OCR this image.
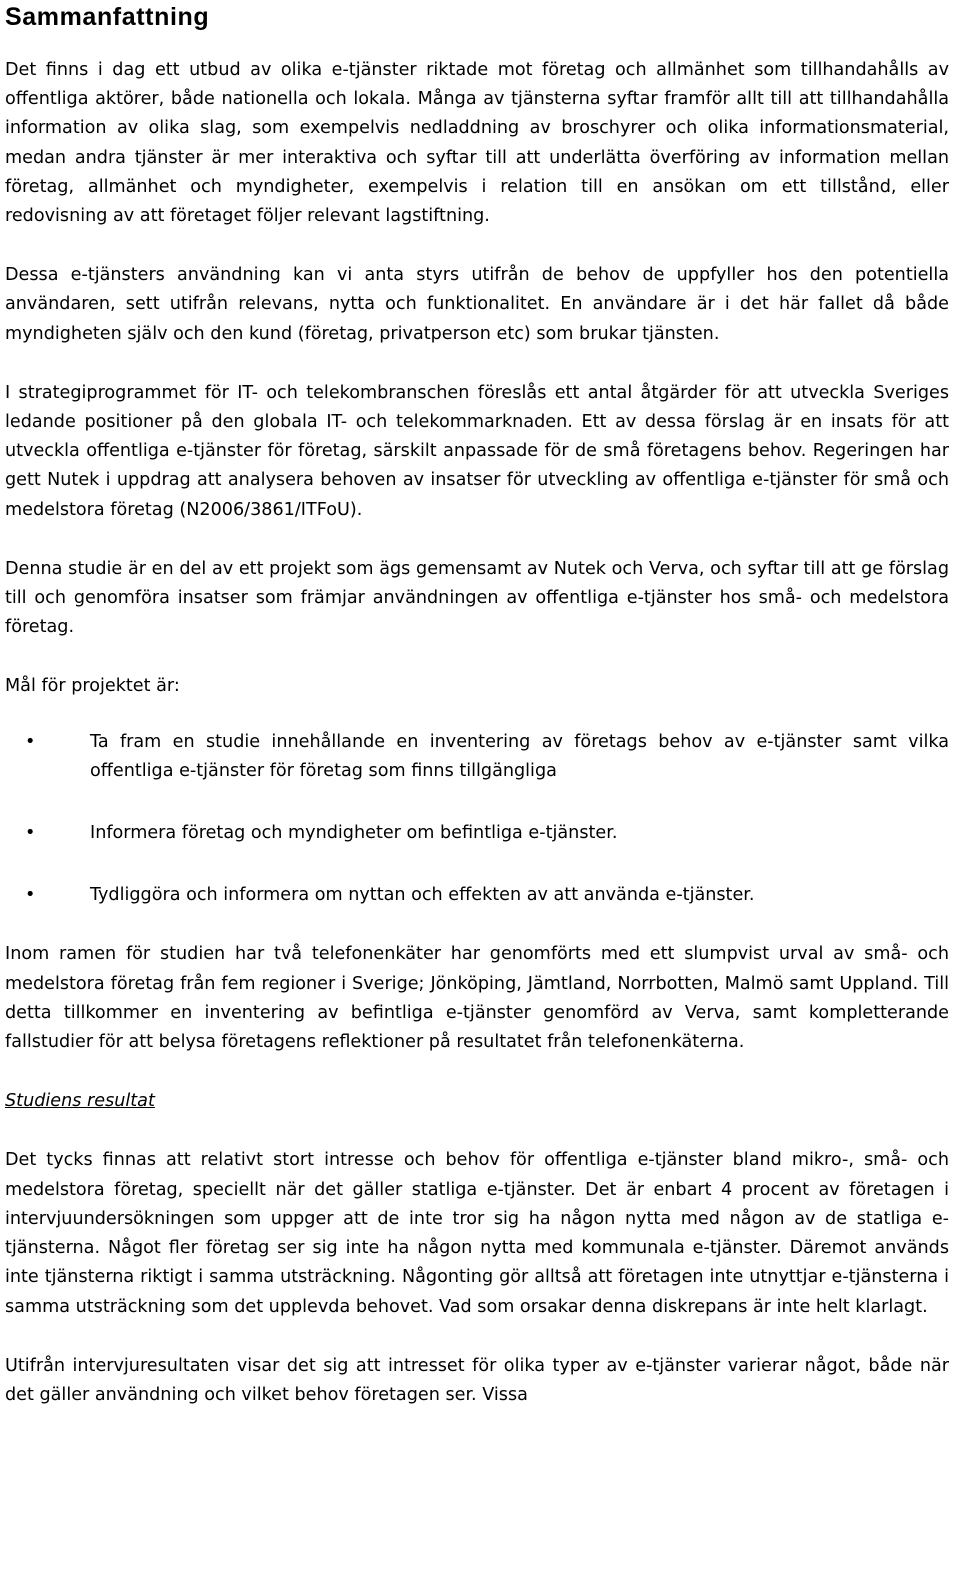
Sammanfattning

Det finns i dag ett utbud av olika e-tjänster riktade mot företag och allmänhet som tillhandahålls av offentliga aktörer, både nationella och lokala. Många av tjänsterna syftar framför allt till att tillhandahålla information av olika slag, som exempelvis nedladdning av broschyrer och olika informationsmaterial, medan andra tjänster är mer interaktiva och syftar till att underlätta överföring av information mellan företag, allmänhet och myndigheter, exempelvis i relation till en ansökan om ett tillstånd, eller redovisning av att företaget följer relevant lagstiftning.

Dessa e-tjänsters användning kan vi anta styrs utifrån de behov de uppfyller hos den potentiella användaren, sett utifrån relevans, nytta och funktionalitet. En användare är i det här fallet då både myndigheten själv och den kund (företag, privatperson etc) som brukar tjänsten.

I strategiprogrammet för IT- och telekombranschen föreslås ett antal åtgärder för att utveckla Sveriges ledande positioner på den globala IT- och telekommarknaden. Ett av dessa förslag är en insats för att utveckla offentliga e-tjänster för företag, särskilt anpassade för de små företagens behov. Regeringen har gett Nutek i uppdrag att analysera behoven av insatser för utveckling av offentliga e-tjänster för små och medelstora företag (N2006/3861/ITFoU).

Denna studie är en del av ett projekt som ägs gemensamt av Nutek och Verva, och syftar till att ge förslag till och genomföra insatser som främjar användningen av offentliga e-tjänster hos små- och medelstora företag.

Mål för projektet är:

•	Ta fram en studie innehållande en inventering av företags behov av e-tjänster samt vilka offentliga e-tjänster för företag som finns tillgängliga
•	Informera företag och myndigheter om befintliga e-tjänster.
•	Tydliggöra och informera om nyttan och effekten av att använda e-tjänster.

Inom ramen för studien har två telefonenkäter har genomförts med ett slumpvist urval av små- och medelstora företag från fem regioner i Sverige; Jönköping, Jämtland, Norrbotten, Malmö samt Uppland. Till detta tillkommer en inventering av befintliga e-tjänster genomförd av Verva, samt kompletterande fallstudier för att belysa företagens reflektioner på resultatet från telefonenkäterna.

Studiens resultat

Det tycks finnas att relativt stort intresse och behov för offentliga e-tjänster bland mikro-, små- och medelstora företag, speciellt när det gäller statliga e-tjänster. Det är enbart 4 procent av företagen i intervjuundersökningen som uppger att de inte tror sig ha någon nytta med någon av de statliga e-tjänsterna. Något fler företag ser sig inte ha någon nytta med kommunala e-tjänster. Däremot används inte tjänsterna riktigt i samma utsträckning. Någonting gör alltså att företagen inte utnyttjar e-tjänsterna i samma utsträckning som det upplevda behovet. Vad som orsakar denna diskrepans är inte helt klarlagt.

Utifrån intervjuresultaten visar det sig att intresset för olika typer av e-tjänster varierar något, både när det gäller användning och vilket behov företagen ser. Vissa
